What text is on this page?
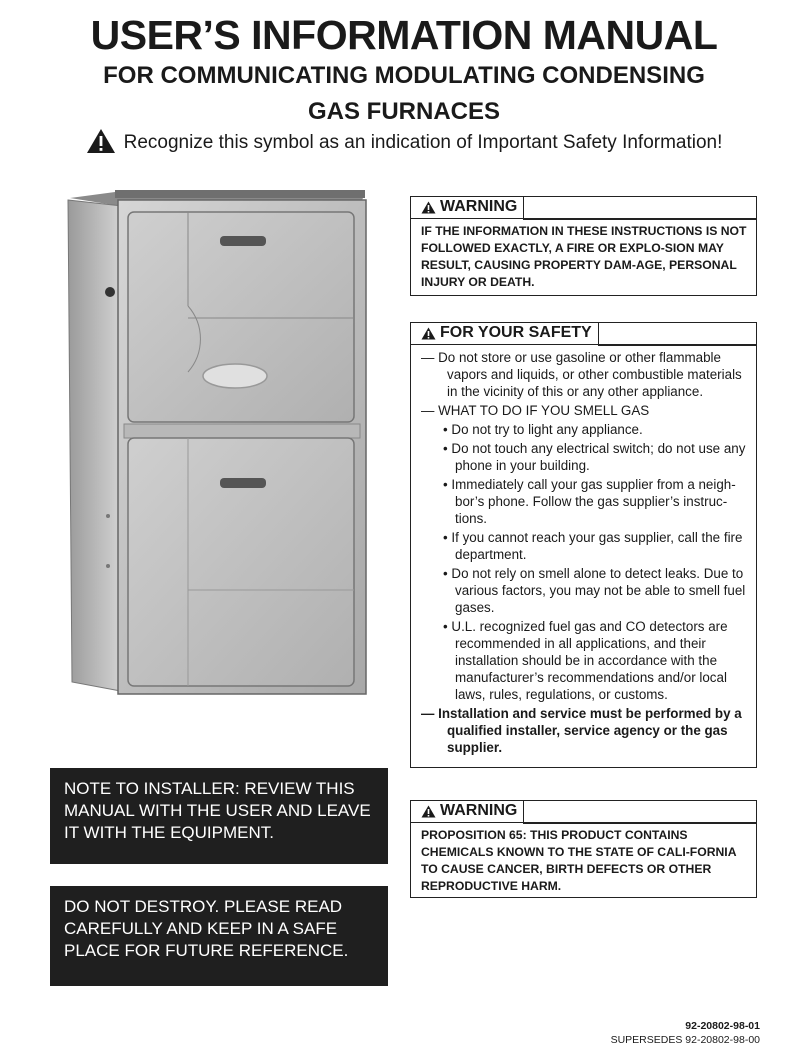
USER’S INFORMATION MANUAL
FOR COMMUNICATING MODULATING CONDENSING
GAS FURNACES
Recognize this symbol as an indication of Important Safety Information!
WARNING
IF THE INFORMATION IN THESE INSTRUCTIONS IS NOT FOLLOWED EXACTLY, A FIRE OR EXPLO-SION MAY RESULT, CAUSING PROPERTY DAM-AGE, PERSONAL INJURY OR DEATH.
FOR YOUR SAFETY
— Do not store or use gasoline or other flammable vapors and liquids, or other combustible materials in the vicinity of this or any other appliance.
— WHAT TO DO IF YOU SMELL GAS
• Do not try to light any appliance.
• Do not touch any electrical switch; do not use any phone in your building.
• Immediately call your gas supplier from a neigh-bor’s phone. Follow the gas supplier’s instruc-tions.
• If you cannot reach your gas supplier, call the fire department.
• Do not rely on smell alone to detect leaks. Due to various factors, you may not be able to smell fuel gases.
• U.L. recognized fuel gas and CO detectors are recommended in all applications, and their installation should be in accordance with the manufacturer’s recommendations and/or local laws, rules, regulations, or customs.
— Installation and service must be performed by a qualified installer, service agency or the gas supplier.
NOTE TO INSTALLER: REVIEW THIS MANUAL WITH THE USER AND LEAVE IT WITH THE EQUIPMENT.
WARNING
PROPOSITION 65: THIS PRODUCT CONTAINS CHEMICALS KNOWN TO THE STATE OF CALI-FORNIA TO CAUSE CANCER, BIRTH DEFECTS OR OTHER REPRODUCTIVE HARM.
DO NOT DESTROY. PLEASE READ CAREFULLY AND KEEP IN A SAFE PLACE FOR FUTURE REFERENCE.
92-20802-98-01
SUPERSEDES 92-20802-98-00
